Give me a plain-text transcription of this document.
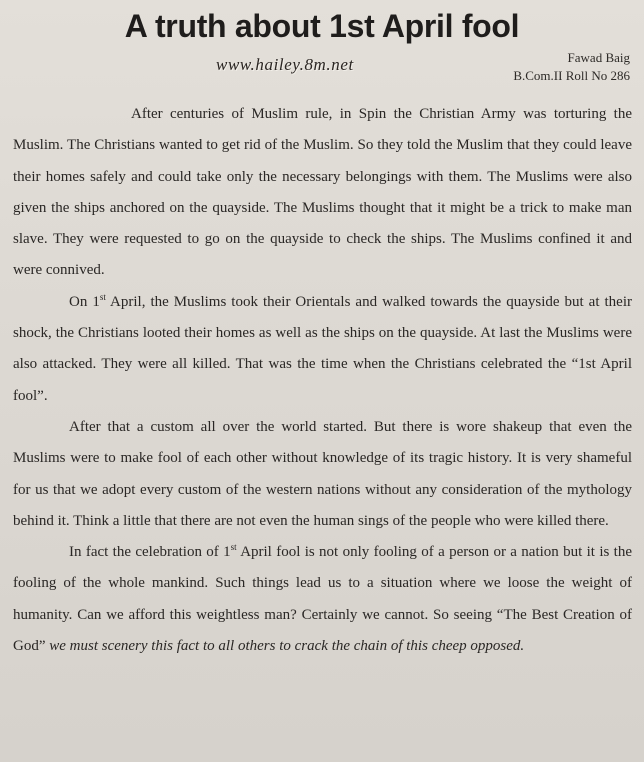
A truth about 1st April fool
www.hailey.8m.net	Fawad Baig
B.Com.II Roll No 286

After centuries of Muslim rule, in Spin the Christian Army was torturing the Muslim. The Christians wanted to get rid of the Muslim. So they told the Muslim that they could leave their homes safely and could take only the necessary belongings with them. The Muslims were also given the ships anchored on the quayside. The Muslims thought that it might be a trick to make man slave. They were requested to go on the quayside to check the ships. The Muslims confined it and were connived.

On 1st April, the Muslims took their Orientals and walked towards the quayside but at their shock, the Christians looted their homes as well as the ships on the quayside. At last the Muslims were also attacked. They were all killed. That was the time when the Christians celebrated the “1st April fool”.

After that a custom all over the world started. But there is wore shakeup that even the Muslims were to make fool of each other without knowledge of its tragic history. It is very shameful for us that we adopt every custom of the western nations without any consideration of the mythology behind it. Think a little that there are not even the human sings of the people who were killed there.

In fact the celebration of 1st April fool is not only fooling of a person or a nation but it is the fooling of the whole mankind. Such things lead us to a situation where we loose the weight of humanity. Can we afford this weightless man? Certainly we cannot. So seeing “The Best Creation of God” we must scenery this fact to all others to crack the chain of this cheep opposed.
